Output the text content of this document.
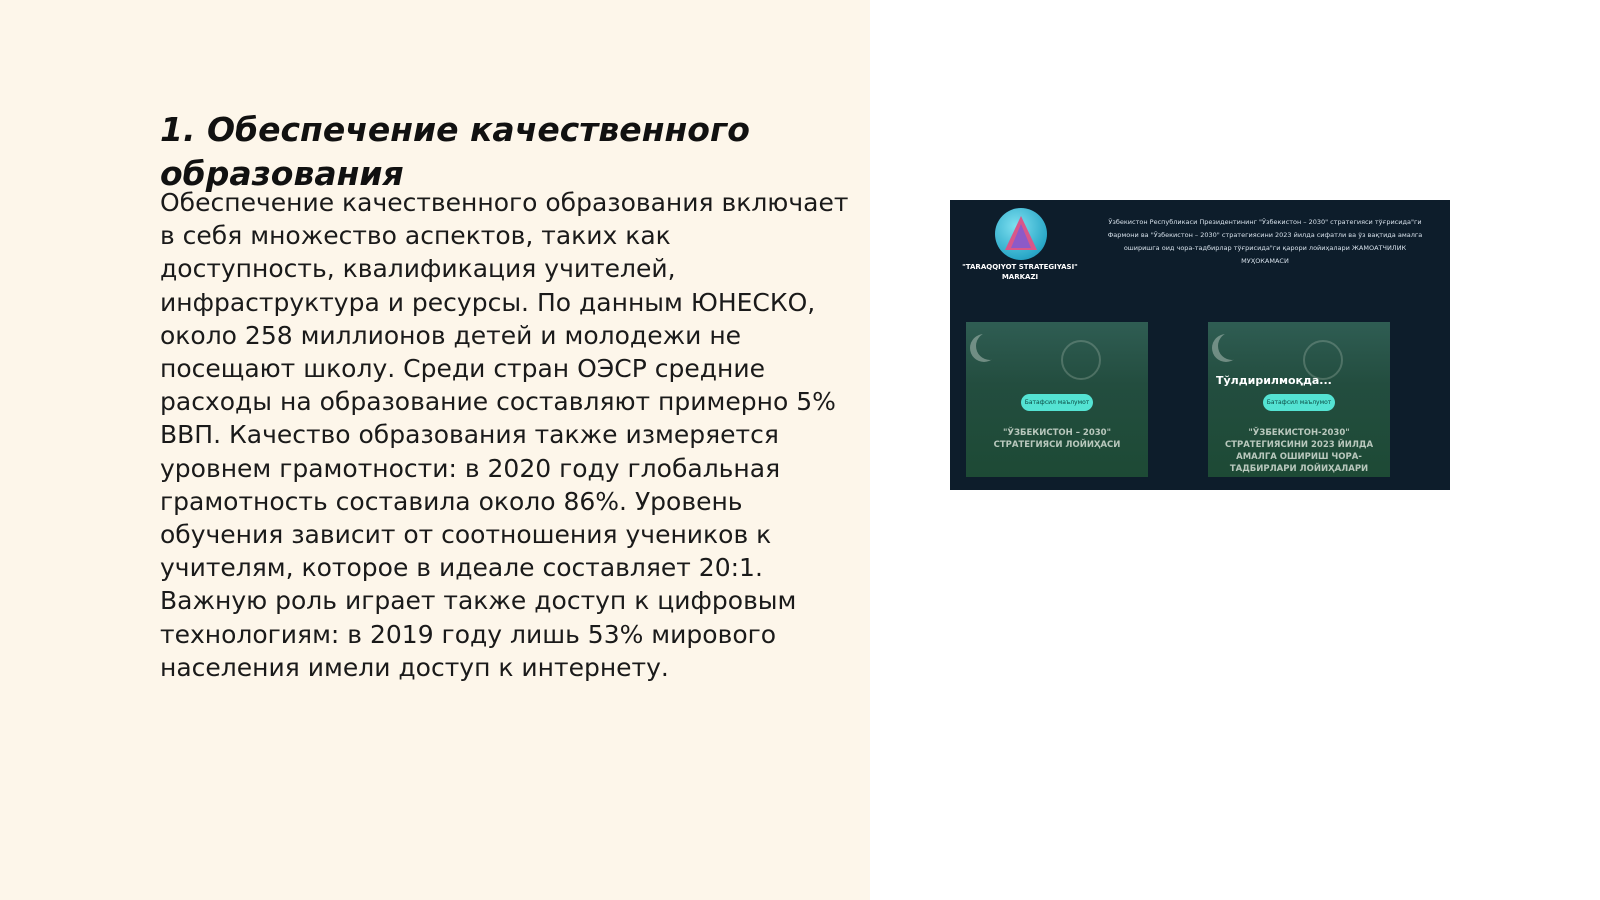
1. Обеспечение качественного образования

Обеспечение качественного образования включает в себя множество аспектов, таких как доступность, квалификация учителей, инфраструктура и ресурсы. По данным ЮНЕСКО, около 258 миллионов детей и молодежи не посещают школу. Среди стран ОЭСР средние расходы на образование составляют примерно 5% ВВП. Качество образования также измеряется уровнем грамотности: в 2020 году глобальная грамотность составила около 86%. Уровень обучения зависит от соотношения учеников к учителям, которое в идеале составляет 20:1. Важную роль играет также доступ к цифровым технологиям: в 2019 году лишь 53% мирового населения имели доступ к интернету.

"TARAQQIYOT STRATEGIYASI" MARKAZI
Ўзбекистон Республикаси Президентининг "Ўзбекистон – 2030" стратегияси тўғрисида"ги Фармони ва "Ўзбекистон – 2030" стратегиясини 2023 йилда сифатли ва ўз вақтида амалга оширишга оид чора-тадбирлар тўғрисида"ги қарори лойиҳалари ЖАМОАТЧИЛИК МУҲОКАМАСИ
Батафсил маълумот
"ЎЗБЕКИСТОН – 2030" СТРАТЕГИЯСИ ЛОЙИҲАСИ
Тўлдирилмоқда...
Батафсил маълумот
"ЎЗБЕКИСТОН-2030" СТРАТЕГИЯСИНИ 2023 ЙИЛДА АМАЛГА ОШИРИШ ЧОРА-ТАДБИРЛАРИ ЛОЙИҲАЛАРИ
